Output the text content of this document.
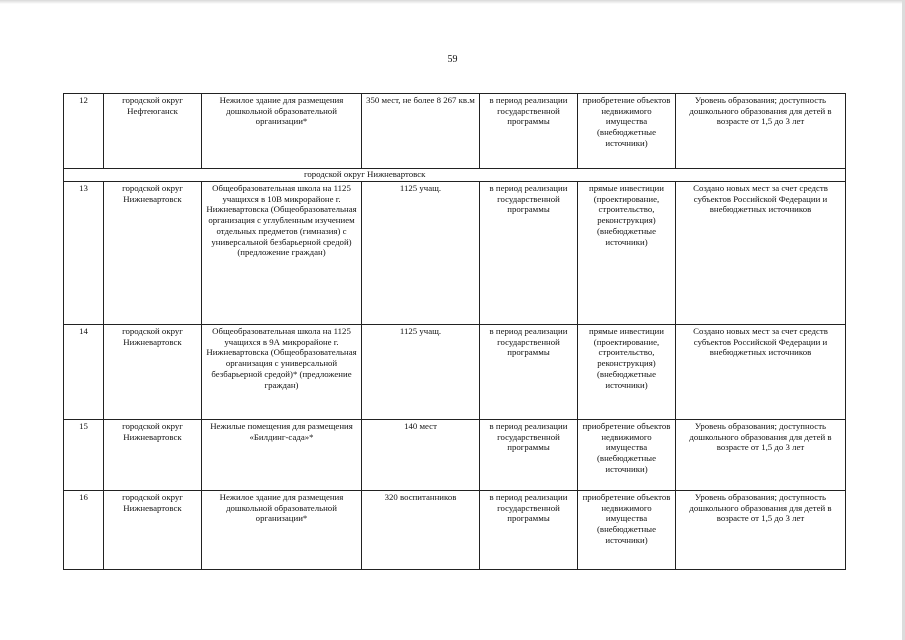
59
12	городской округ Нефтеюганск	Нежилое здание для размещения дошкольной образовательной организации*	350 мест, не более 8 267 кв.м	в период реализации государственной программы	приобретение объектов недвижимого имущества (внебюджетные источники)	Уровень образования; доступность дошкольного образования для детей в возрасте от 1,5 до 3 лет
городской округ Нижневартовск						
13	городской округ Нижневартовск	Общеобразовательная школа на 1125 учащихся в 10В микрорайоне г. Нижневартовска (Общеобразовательная организация с углубленным изучением отдельных предметов (гимназия) с универсальной безбарьерной средой) (предложение граждан)	1125 учащ.	в период реализации государственной программы	прямые инвестиции (проектирование, строительство, реконструкция) (внебюджетные источники)	Создано новых мест за счет средств субъектов Российской Федерации и внебюджетных источников
14	городской округ Нижневартовск	Общеобразовательная школа на 1125 учащихся в 9А микрорайоне г. Нижневартовска (Общеобразовательная организация с универсальной безбарьерной средой)* (предложение граждан)	1125 учащ.	в период реализации государственной программы	прямые инвестиции (проектирование, строительство, реконструкция) (внебюджетные источники)	Создано новых мест за счет средств субъектов Российской Федерации и внебюджетных источников
15	городской округ Нижневартовск	Нежилые помещения для размещения «Билдинг-сада»*	140 мест	в период реализации государственной программы	приобретение объектов недвижимого имущества (внебюджетные источники)	Уровень образования; доступность дошкольного образования для детей в возрасте от 1,5 до 3 лет
16	городской округ Нижневартовск	Нежилое здание для размещения дошкольной образовательной организации*	320 воспитанников	в период реализации государственной программы	приобретение объектов недвижимого имущества (внебюджетные источники)	Уровень образования; доступность дошкольного образования для детей в возрасте от 1,5 до 3 лет
